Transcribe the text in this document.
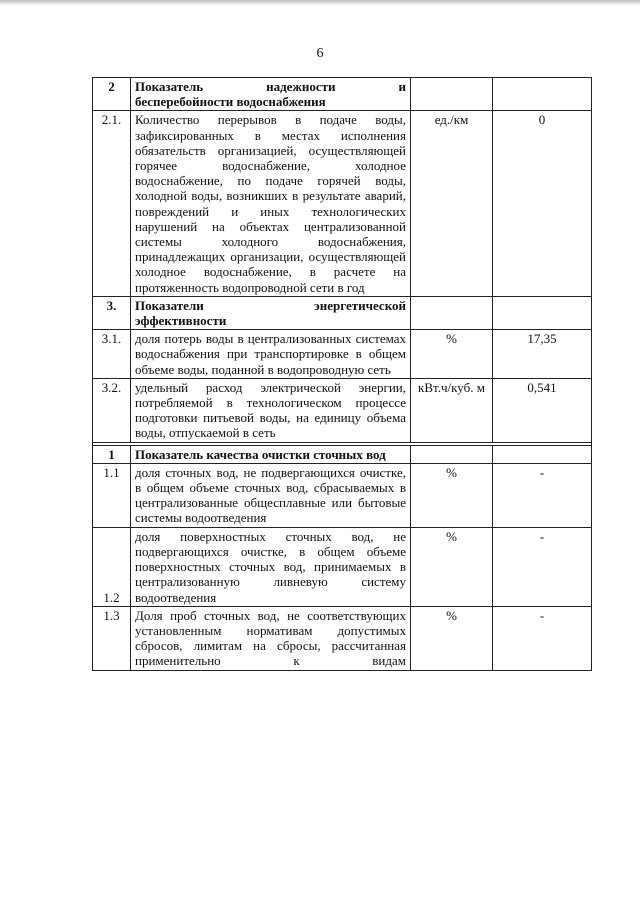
6
2	Показатель надежности и
бесперебойности водоснабжения		

2.1.	Количество перерывов в подаче воды, зафиксированных в местах исполнения обязательств организацией, осуществляющей горячее водоснабжение, холодное водоснабжение, по подаче горячей воды, холодной воды, возникших в результате аварий, повреждений и иных технологических нарушений на объектах централизованной системы холодного водоснабжения, принадлежащих организации, осуществляющей холодное водоснабжение, в расчете на протяженность водопроводной сети в год	ед./км	0
3.	Показатели энергетической
эффективности		

3.1.	доля потерь воды в централизованных системах водоснабжения при транспортировке в общем объеме воды, поданной в водопроводную сеть	%	17,35
3.2.	удельный расход электрической энергии, потребляемой в технологическом процессе подготовки питьевой воды, на единицу объема воды, отпускаемой в сеть	кВт.ч/куб. м	0,541

1	Показатель качества очистки сточных вод		
1.1	доля сточных вод, не подвергающихся очистке, в общем объеме сточных вод, сбрасываемых в централизованные общесплавные или бытовые системы водоотведения	%	-
1.2	доля поверхностных сточных вод, не подвергающихся очистке, в общем объеме поверхностных сточных вод, принимаемых в централизованную ливневую систему водоотведения	%	-
1.3	Доля проб сточных вод, не соответствующих установленным нормативам допустимых сбросов, лимитам на сбросы, рассчитанная применительно к видам	%	-
